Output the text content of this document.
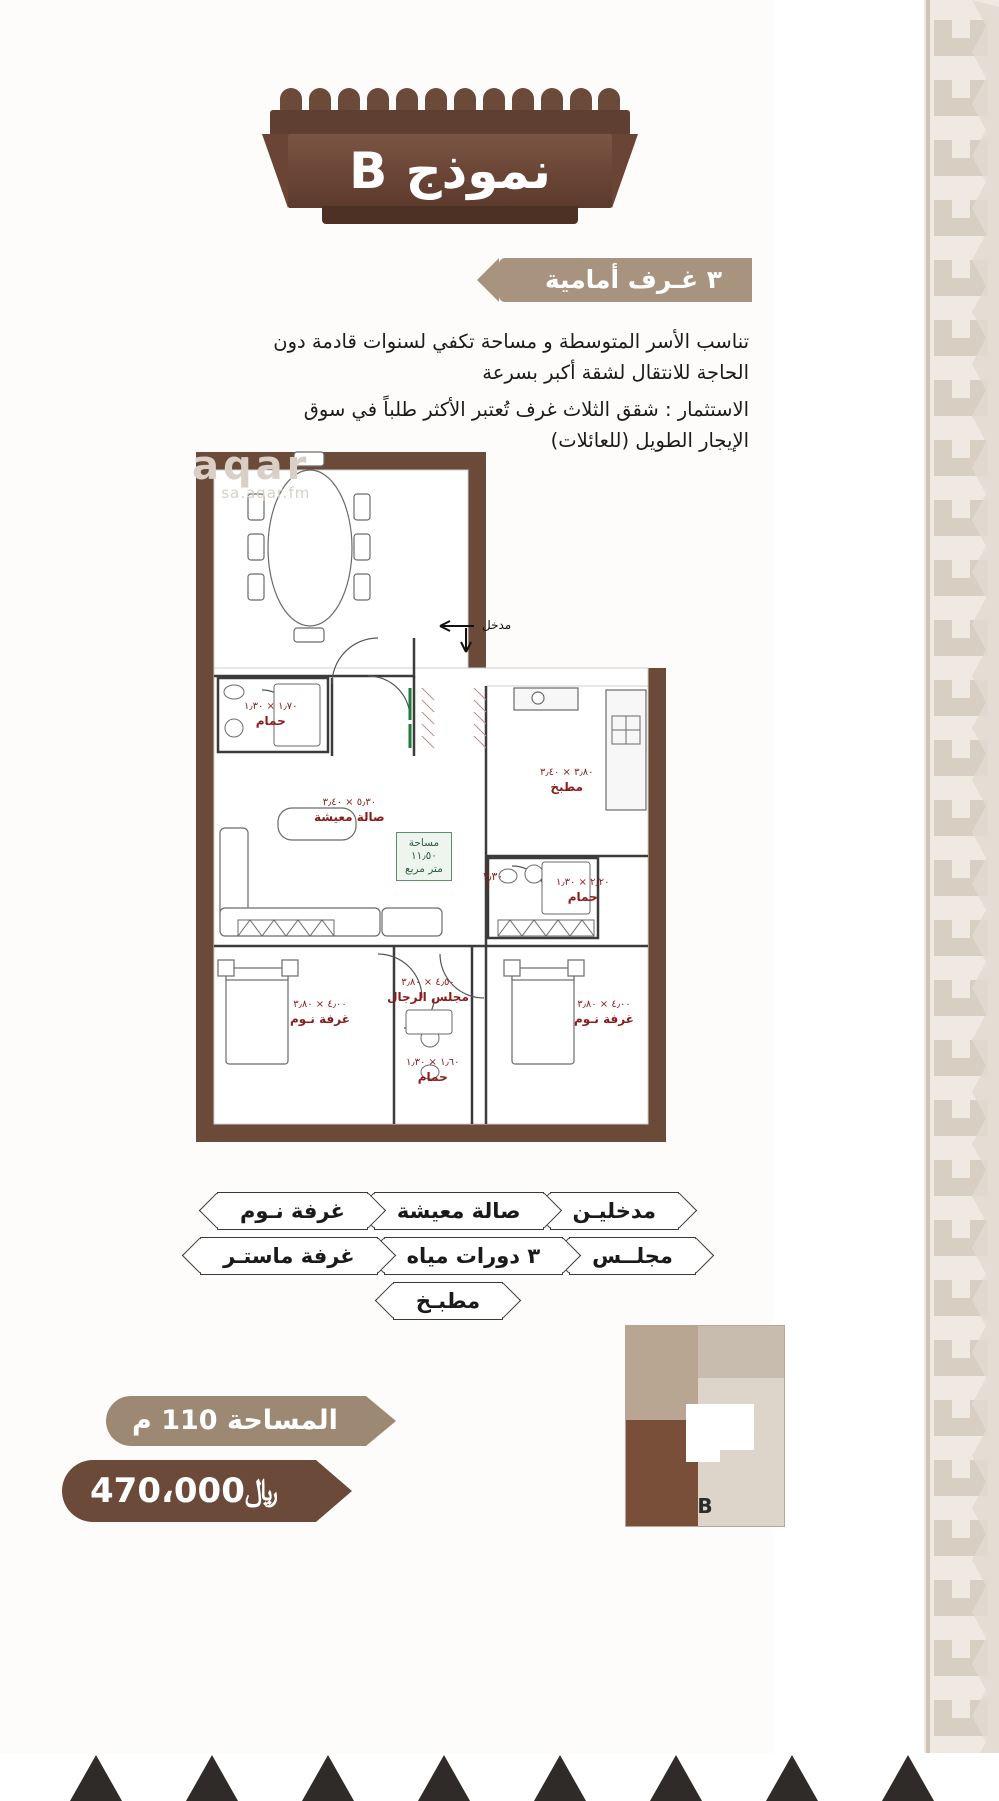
نموذج B
٣ غـرف أمامية

تناسب الأسر المتوسطة و مساحة تكفي لسنوات قادمة دون الحاجة للانتقال لشقة أكبر بسرعة

الاستثمار : شقق الثلاث غرف تُعتبر الأكثر طلباً في سوق الإيجار الطويل (للعائلات)

aqar
sa.aqar.fm
٤٫٥٠ × ٣٫٨٠
مجلس الرجال
١٫٧٠ × ١٫٣٠
حمام
٥٫٣٠ × ٣٫٤٠
صالة معيشة
٣٫٨٠ × ٣٫٤٠
مطبخ
٢٫٢٠ × ١٫٣٠
حمام
٤٫٠٠ × ٣٫٨٠
غرفة نـوم
٤٫٠٠ × ٣٫٨٠
غرفة نـوم
١٫٦٠ × ١٫٣٠
حمام
١٫٣٠
مساحة
١١٫٥٠
متر مربع
مدخل
مدخليـن
صالة معيشة
غرفة نـوم
مجلــس
٣ دورات مياه
غرفة ماستـر
مطبـخ
المساحة 110 م
﷼
470،000	B
